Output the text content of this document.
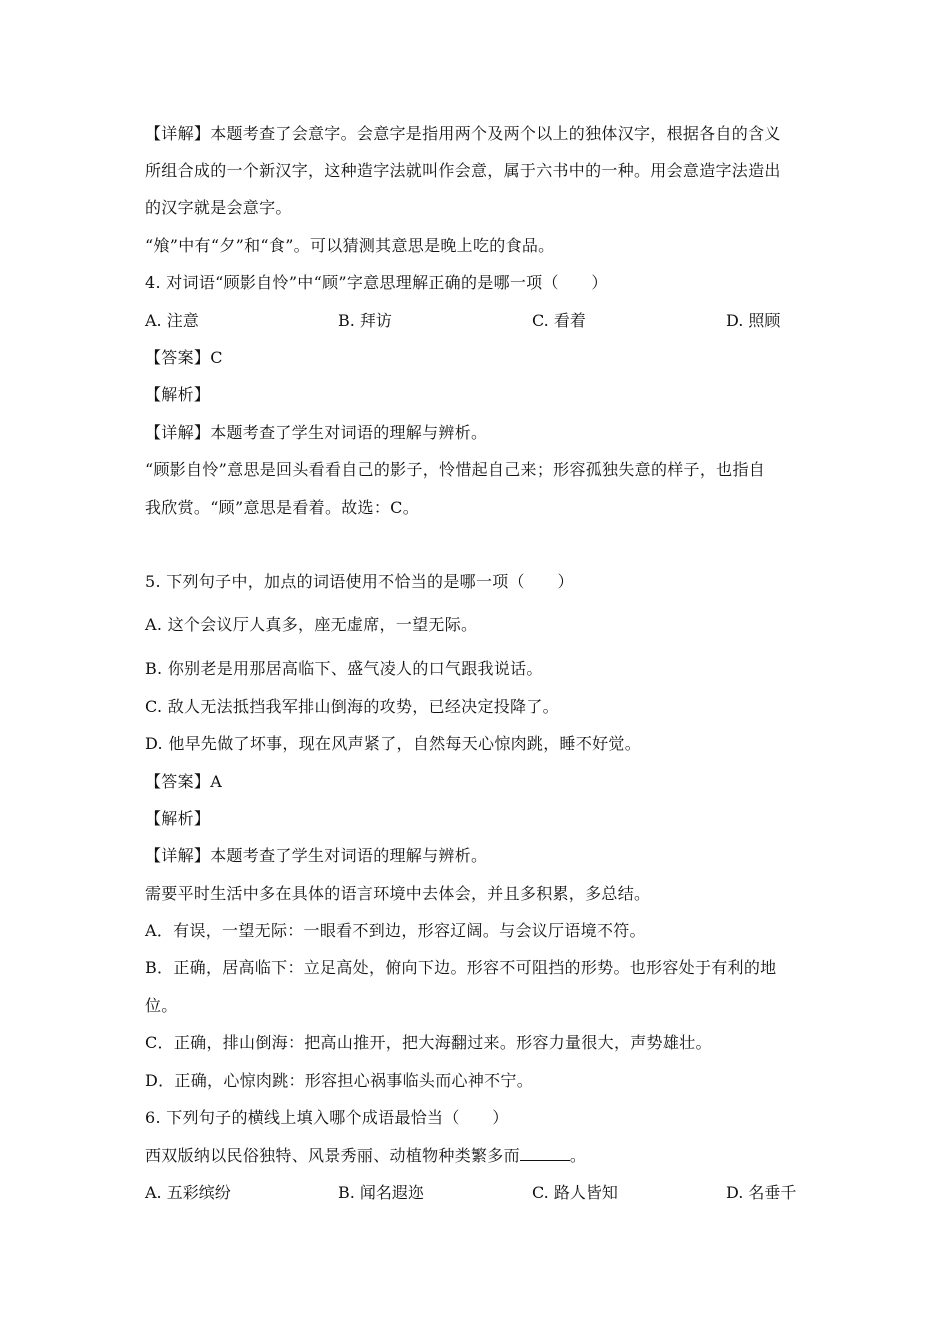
【详解】本题考查了会意字。会意字是指用两个及两个以上的独体汉字，根据各自的含义
所组合成的一个新汉字，这种造字法就叫作会意，属于六书中的一种。用会意造字法造出
的汉字就是会意字。
“飧”中有“夕”和“食”。可以猜测其意思是晚上吃的食品。
4. 对词语“顾影自怜”中“顾”字意思理解正确的是哪一项（　　）
A. 注意	B. 拜访	C. 看着	D. 照顾
【答案】C
【解析】
【详解】本题考查了学生对词语的理解与辨析。
“顾影自怜”意思是回头看看自己的影子，怜惜起自己来；形容孤独失意的样子，也指自
我欣赏。“顾”意思是看着。故选：C。
5. 下列句子中，加点的词语使用不恰当的是哪一项（　　）
A. 这个会议厅人真多，座无虚席，一望无际。
B. 你别老是用那居高临下、盛气凌人的口气跟我说话。
C. 敌人无法抵挡我军排山倒海的攻势，已经决定投降了。
D. 他早先做了坏事，现在风声紧了，自然每天心惊肉跳，睡不好觉。
【答案】A
【解析】
【详解】本题考查了学生对词语的理解与辨析。
需要平时生活中多在具体的语言环境中去体会，并且多积累，多总结。
A．有误，一望无际：一眼看不到边，形容辽阔。与会议厅语境不符。
B．正确，居高临下：立足高处，俯向下边。形容不可阻挡的形势。也形容处于有利的地
位。
C．正确，排山倒海：把高山推开，把大海翻过来。形容力量很大，声势雄壮。
D．正确，心惊肉跳：形容担心祸事临头而心神不宁。
6. 下列句子的横线上填入哪个成语最恰当（　　）
西双版纳以民俗独特、风景秀丽、动植物种类繁多而	。
A. 五彩缤纷	B. 闻名遐迩	C. 路人皆知	D. 名垂千
